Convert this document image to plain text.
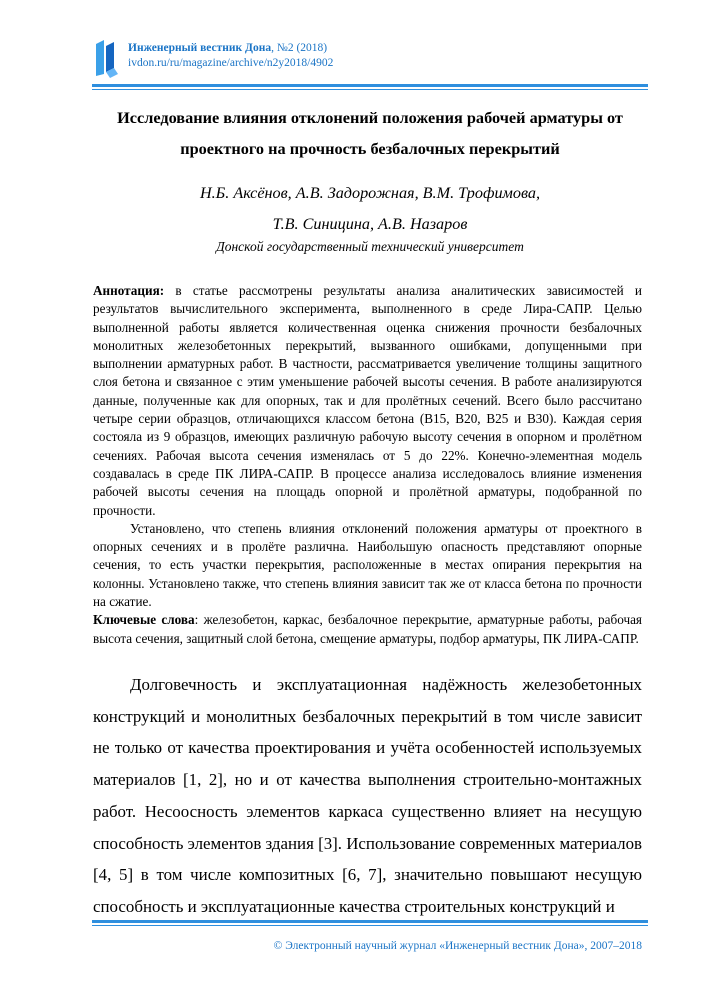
Инженерный вестник Дона, №2 (2018)
ivdon.ru/ru/magazine/archive/n2y2018/4902
Исследование влияния отклонений положения рабочей арматуры от проектного на прочность безбалочных перекрытий
Н.Б. Аксёнов, А.В. Задорожная, В.М. Трофимова,
Т.В. Синицина, А.В. Назаров
Донской государственный технический университет

Аннотация: в статье рассмотрены результаты анализа аналитических зависимостей и результатов вычислительного эксперимента, выполненного в среде Лира-САПР. Целью выполненной работы является количественная оценка снижения прочности безбалочных монолитных железобетонных перекрытий, вызванного ошибками, допущенными при выполнении арматурных работ. В частности, рассматривается увеличение толщины защитного слоя бетона и связанное с этим уменьшение рабочей высоты сечения. В работе анализируются данные, полученные как для опорных, так и для пролётных сечений. Всего было рассчитано четыре серии образцов, отличающихся классом бетона (В15, В20, В25 и В30). Каждая серия состояла из 9 образцов, имеющих различную рабочую высоту сечения в опорном и пролётном сечениях. Рабочая высота сечения изменялась от 5 до 22%. Конечно-элементная модель создавалась в среде ПК ЛИРА-САПР. В процессе анализа исследовалось влияние изменения рабочей высоты сечения на площадь опорной и пролётной арматуры, подобранной по прочности.

Установлено, что степень влияния отклонений положения арматуры от проектного в опорных сечениях и в пролёте различна. Наибольшую опасность представляют опорные сечения, то есть участки перекрытия, расположенные в местах опирания перекрытия на колонны. Установлено также, что степень влияния зависит так же от класса бетона по прочности на сжатие.

Ключевые слова: железобетон, каркас, безбалочное перекрытие, арматурные работы, рабочая высота сечения, защитный слой бетона, смещение арматуры, подбор арматуры, ПК ЛИРА-САПР.

Долговечность и эксплуатационная надёжность железобетонных конструкций и монолитных безбалочных перекрытий в том числе зависит не только от качества проектирования и учёта особенностей используемых материалов [1, 2], но и от качества выполнения строительно-монтажных работ. Несоосность элементов каркаса существенно влияет на несущую способность элементов здания [3]. Использование современных материалов [4, 5] в том числе композитных [6, 7], значительно повышают несущую способность и эксплуатационные качества строительных конструкций и

© Электронный научный журнал «Инженерный вестник Дона», 2007–2018
